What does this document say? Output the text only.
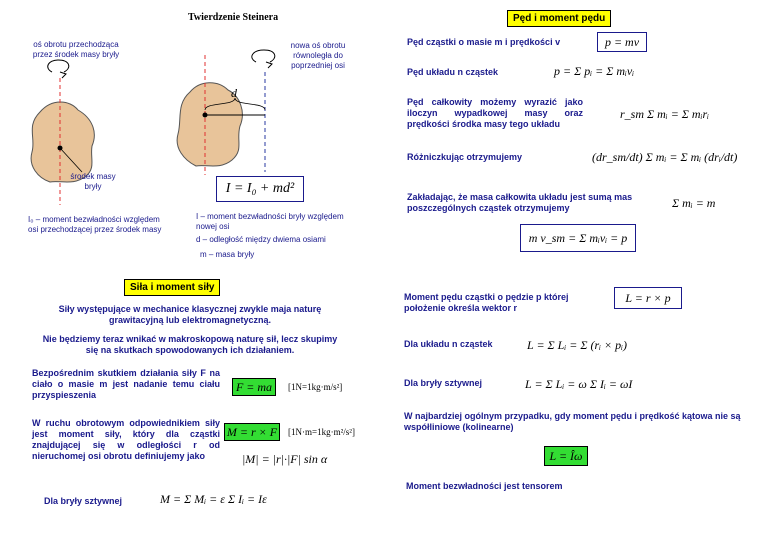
Twierdzenie Steinera
d
oś obrotu przechodząca przez środek masy bryły
nowa oś obrotu równoległa do poprzedniej osi
środek masy bryły	I = I₀ + md²
I₀ – moment bezwładności względem osi przechodzącej przez środek masy
I – moment bezwładności bryły względem nowej osi
d – odległość między dwiema osiami
m – masa bryły
Siła i moment siły
Siły występujące w mechanice klasycznej zwykle maja naturę grawitacyjną lub elektromagnetyczną.
Nie będziemy teraz wnikać w makroskopową naturę sił, lecz skupimy się na skutkach spowodowanych ich działaniem.
Bezpośrednim skutkiem działania siły F na ciało o masie m jest nadanie temu ciału przyspieszenia
F = ma	[1N=1kg·m/s²]
W ruchu obrotowym odpowiednikiem siły jest moment siły, który dla cząstki znajdującej się w odległości r od nieruchomej osi obrotu definiujemy jako
M = r × F	[1N·m=1kg·m²/s²]
|M| = |r|·|F| sin α
Dla bryły sztywnej	M = Σ Mᵢ = ε Σ Iᵢ = Iε
Pęd i moment pędu
Pęd cząstki o masie m i prędkości v	p = mv
Pęd układu n cząstek	p = Σ pᵢ = Σ mᵢvᵢ
Pęd całkowity możemy wyrazić jako iloczyn wypadkowej masy oraz prędkości środka masy tego układu
r_sm Σ mᵢ = Σ mᵢrᵢ
Różniczkując otrzymujemy	(dr_sm/dt) Σ mᵢ = Σ mᵢ (drᵢ/dt)
Zakładając, że masa całkowita układu jest sumą mas poszczególnych cząstek otrzymujemy	Σ mᵢ = m
m v_sm = Σ mᵢvᵢ = p
Moment pędu cząstki o pędzie p której położenie określa wektor r
L = r × p
Dla układu n cząstek	L = Σ Lᵢ = Σ (rᵢ × pᵢ)
Dla bryły sztywnej	L = Σ Lᵢ = ω Σ Iᵢ = ωI
W najbardziej ogólnym przypadku, gdy moment pędu i prędkość kątowa nie są współliniowe (kolinearne)
L = Îω
Moment bezwładności jest tensorem
